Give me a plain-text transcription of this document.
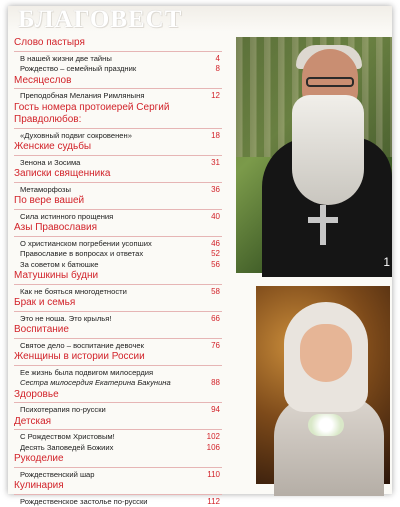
БЛАГОВЕСТ
Слово пастыря
В нашей жизни две тайны	4
Рождество – семейный праздник	8
Месяцеслов
Преподобная Мелания Римляныня	12
Гость номера протоиерей Сергий Правдолюбов:
«Духовный подвиг сокровенен»	18
Женские судьбы
Зенона и Зосима	31
Записки священника
Метаморфозы	36
По вере вашей
Сила истинного прощения	40
Азы Православия
О христианском погребении усопших	46
Православие в вопросах и ответах	52
За советом к батюшке	56
Матушкины будни
Как не бояться многодетности	58
Брак и семья
Это не ноша. Это крылья!	66
Воспитание
Святое дело – воспитание девочек	76
Женщины в истории России
Ее жизнь была подвигом милосердия
Сестра милосердия Екатерина Бакунина	88
Здоровье
Психотерапия по-русски	94
Детская
С Рождеством Христовым!	102
Десять Заповедей Божиих	106
Рукоделие
Рождественский шар	110
Кулинария
Рождественское застолье по-русски	112
1
